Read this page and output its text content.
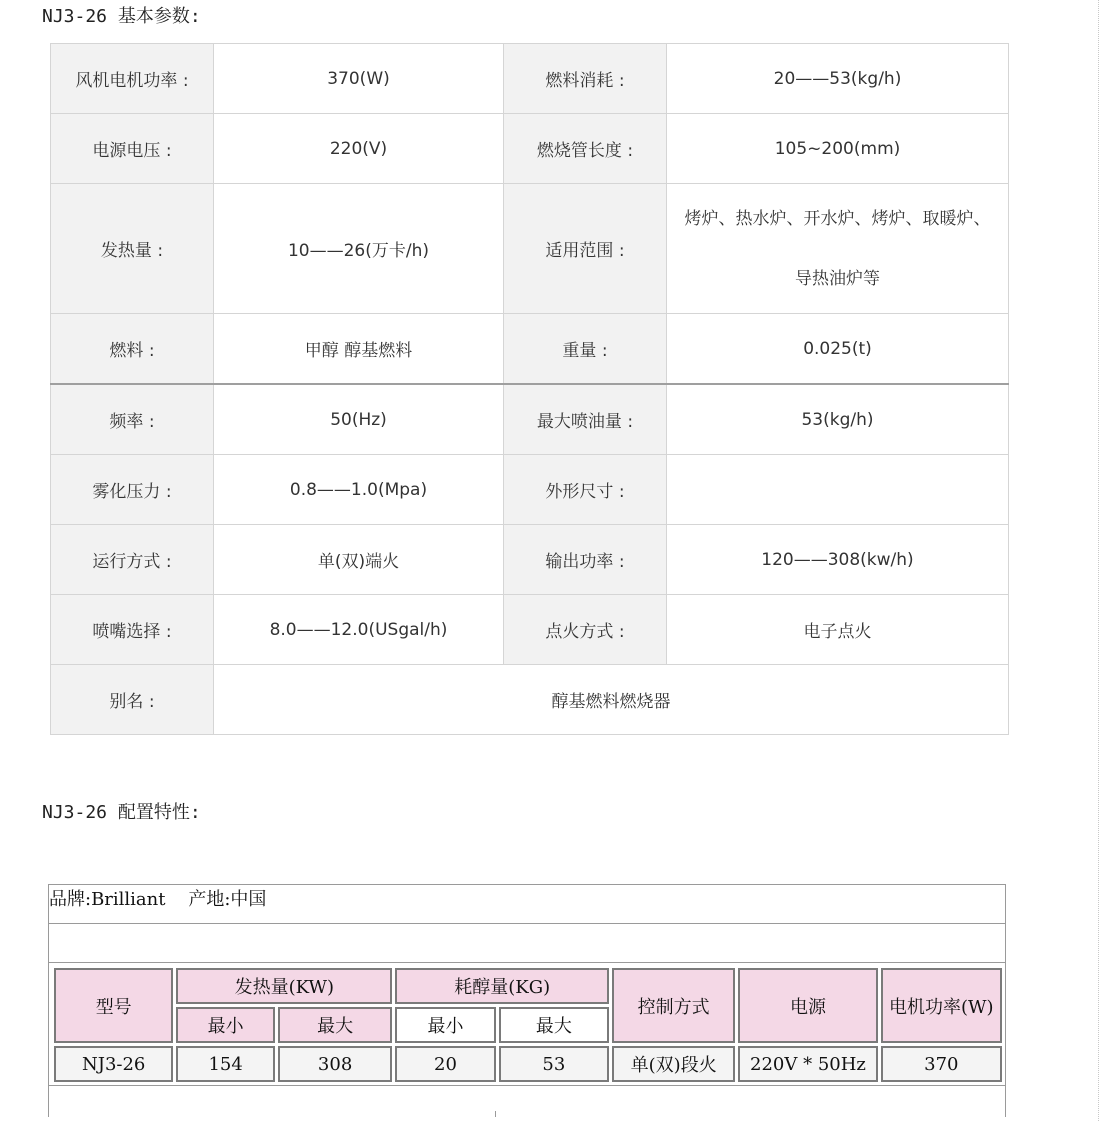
NJ3-26 基本参数:
风机电机功率 :	370(W)	燃料消耗 :	20——53(kg/h)
电源电压 :	220(V)	燃烧管长度 :	105~200(mm)
发热量 :	10——26(万卡/h)	适用范围 :	烤炉、热水炉、开水炉、烤炉、取暖炉、
导热油炉等

燃料 :	甲醇 醇基燃料	重量 :	0.025(t)
频率 :	50(Hz)	最大喷油量 :	53(kg/h)
雾化压力 :	0.8——1.0(Mpa)	外形尺寸 :	
运行方式 :	单(双)端火	输出功率 :	120——308(kw/h)
喷嘴选择 :	8.0——12.0(USgal/h)	点火方式 :	电子点火
别名 :	醇基燃料燃烧器		
NJ3-26 配置特性:
品牌:Brilliant    产地:中国
型号	发热量(KW)		耗醇量(KG)		控制方式	电源	电机功率(W)
	最小	最大	最小	最大			
NJ3-26	154	308	20	53	单(双)段火	220V * 50Hz	370
